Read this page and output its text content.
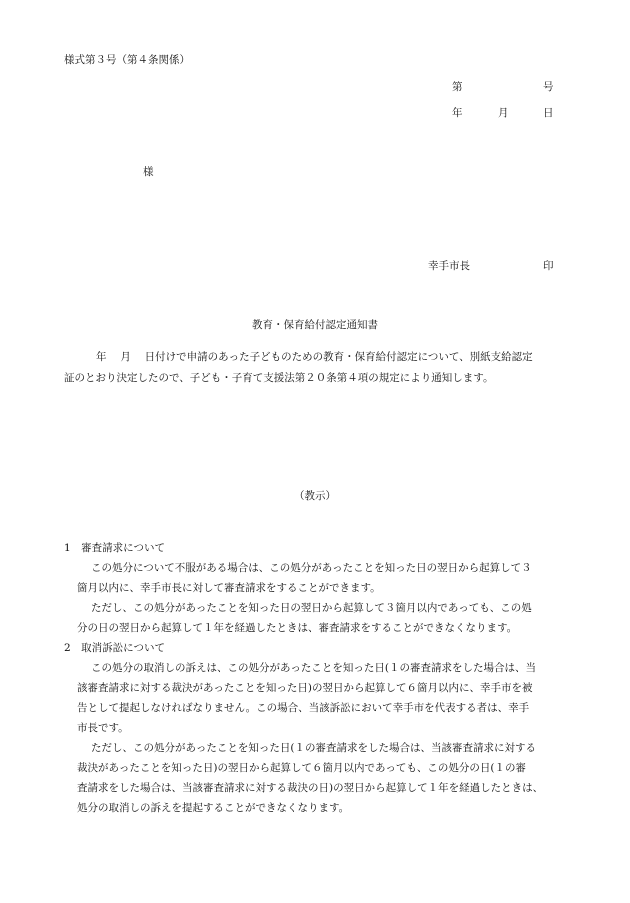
様式第３号（第４条関係）
第	号
年	月	日
様
幸手市長	印
教育・保育給付認定通知書
年　 月　 日付けで申請のあった子どものための教育・保育給付認定について、別紙支給認定
証のとおり決定したので、子ども・子育て支援法第２０条第４項の規定により通知します。
（教示）
1　審査請求について
この処分について不服がある場合は、この処分があったことを知った日の翌日から起算して３
箇月以内に、幸手市長に対して審査請求をすることができます。
ただし、この処分があったことを知った日の翌日から起算して３箇月以内であっても、この処
分の日の翌日から起算して１年を経過したときは、審査請求をすることができなくなります。
2　取消訴訟について
この処分の取消しの訴えは、この処分があったことを知った日(１の審査請求をした場合は、当
該審査請求に対する裁決があったことを知った日)の翌日から起算して６箇月以内に、幸手市を被
告として提起しなければなりません。この場合、当該訴訟において幸手市を代表する者は、幸手
市長です。
ただし、この処分があったことを知った日(１の審査請求をした場合は、当該審査請求に対する
裁決があったことを知った日)の翌日から起算して６箇月以内であっても、この処分の日(１の審
査請求をした場合は、当該審査請求に対する裁決の日)の翌日から起算して１年を経過したときは、
処分の取消しの訴えを提起することができなくなります。
